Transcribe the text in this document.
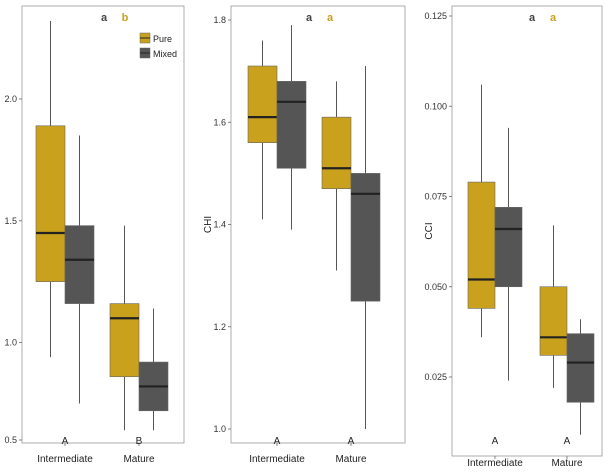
0.5
1.0
1.5
2.0
Intermediate
A
Mature
B
a b
Pure
Mixed
1.0
1.2
1.4
1.6
1.8
CHI
Intermediate
A
Mature
A
a a
0.025
0.050
0.075
0.100
0.125
CCI
Intermediate
A
Mature
A
a a
